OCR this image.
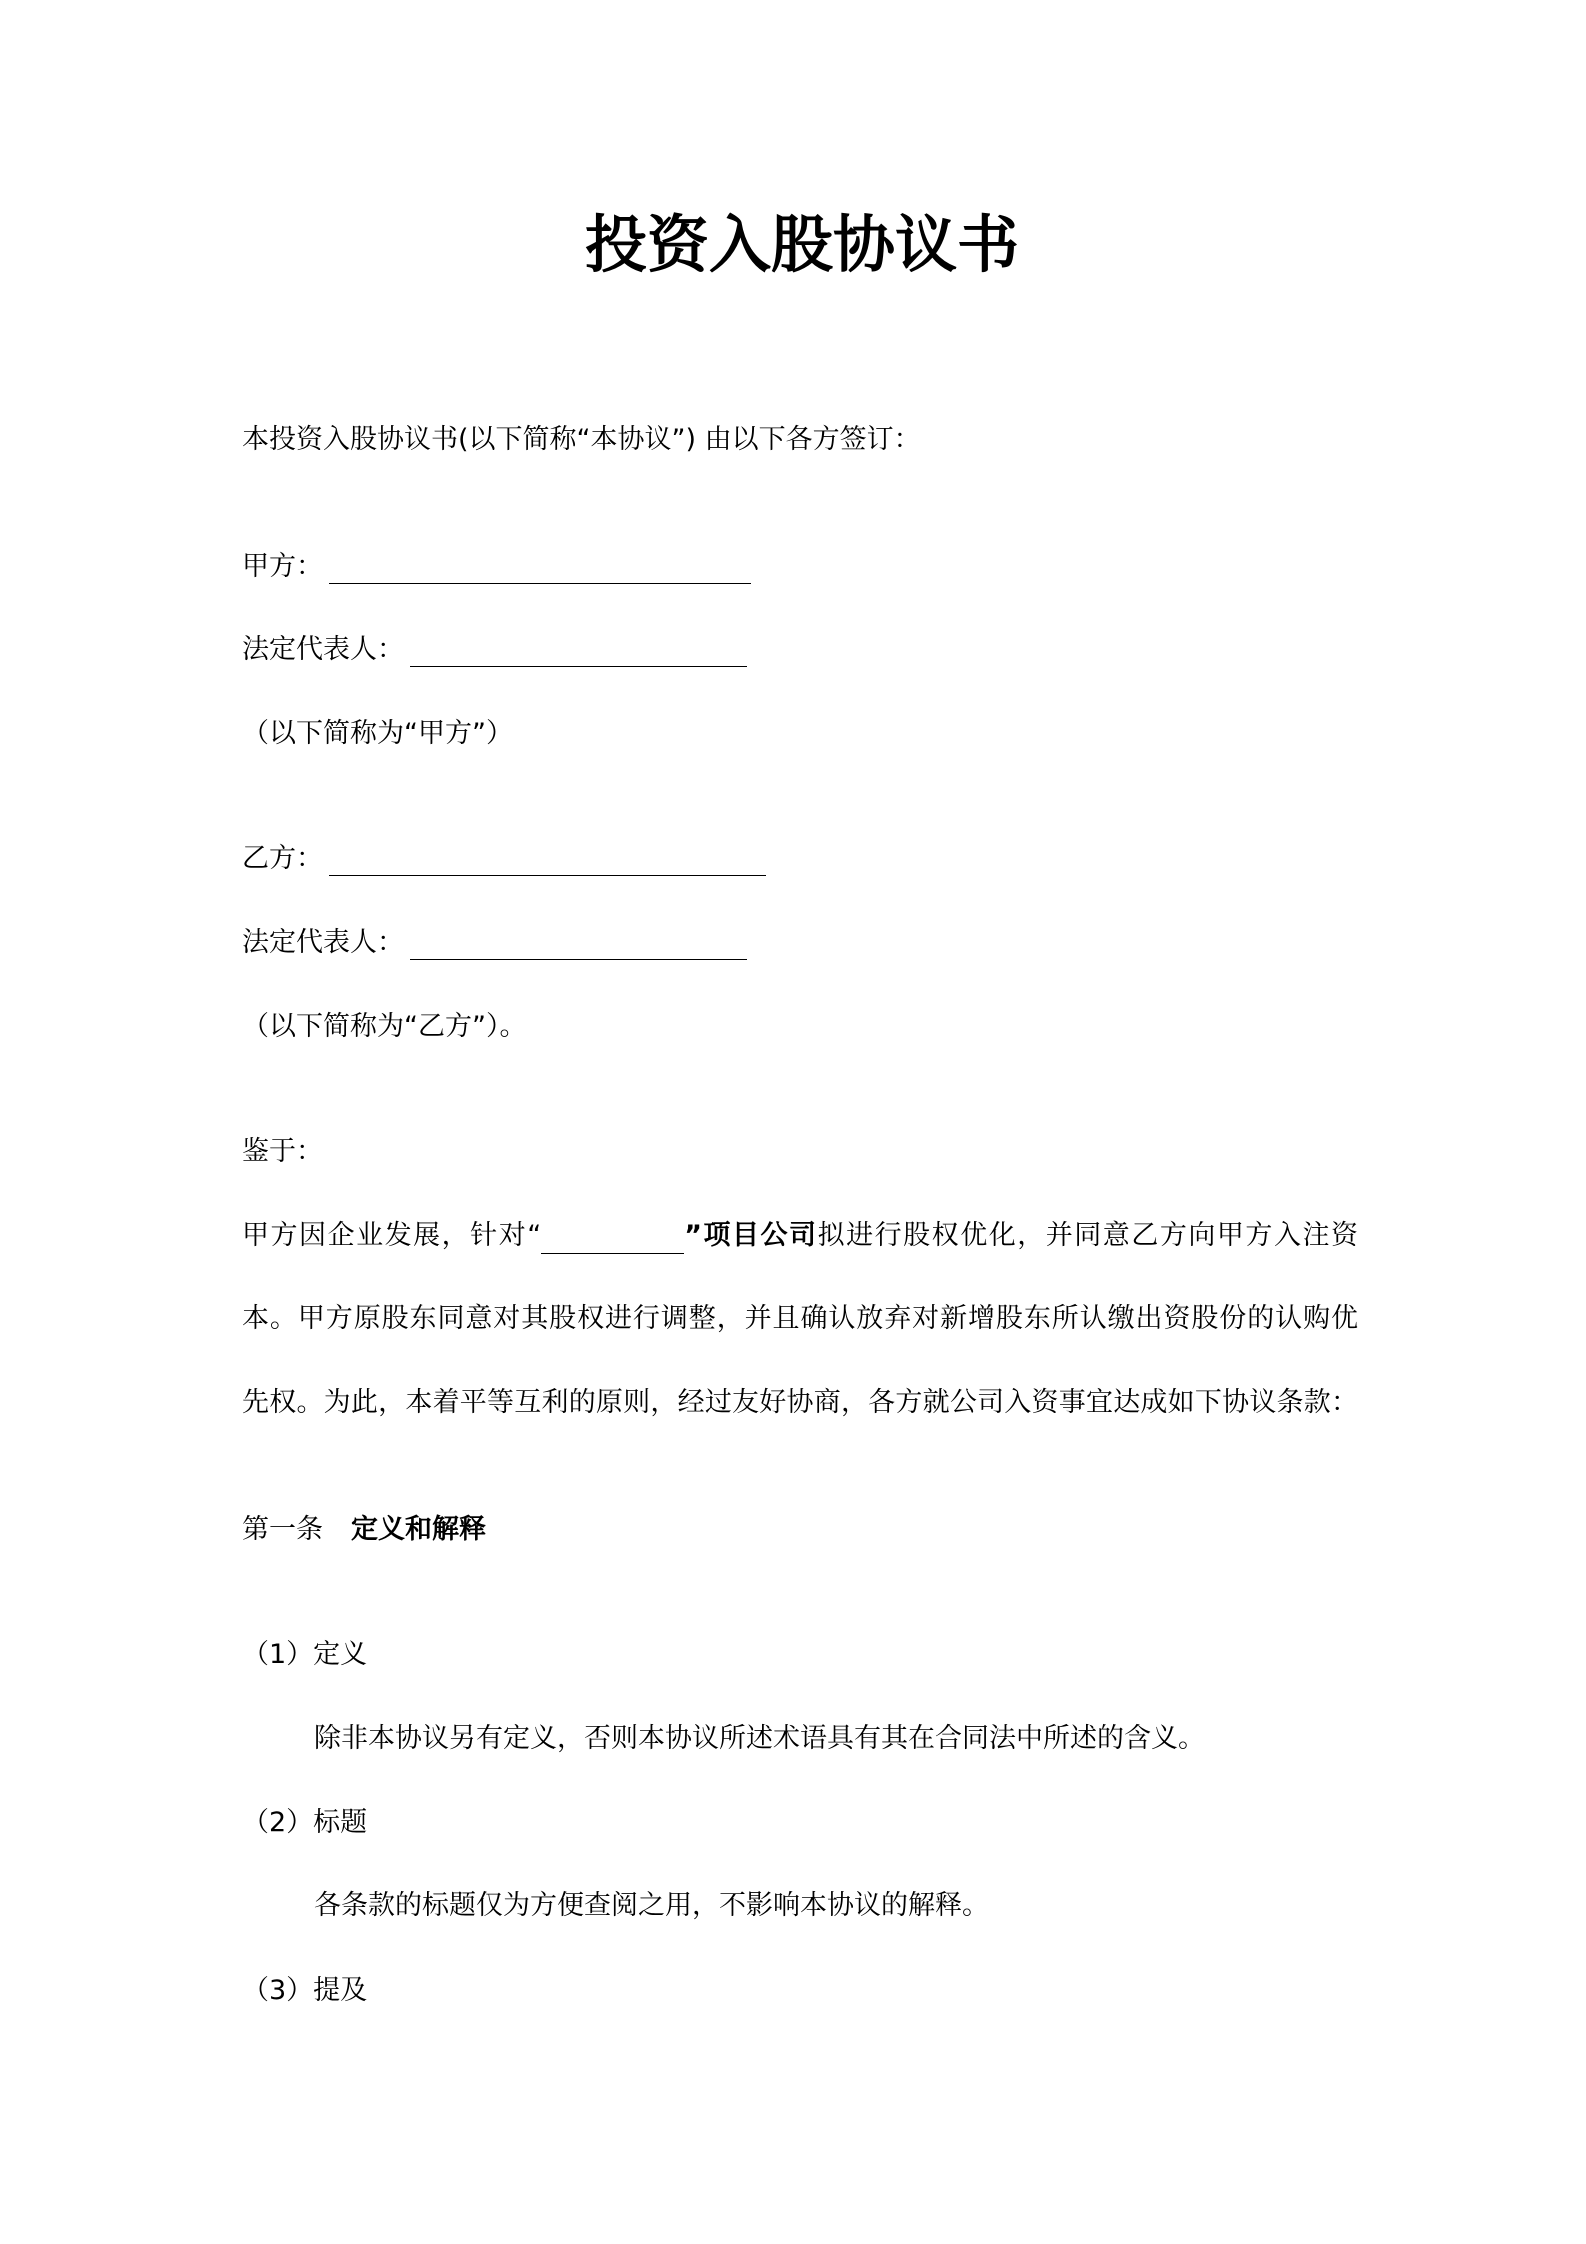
投资入股协议书
本投资入股协议书(以下简称“本协议”) 由以下各方签订：
甲方：
法定代表人：
（以下简称为“甲方”）
乙方：
法定代表人：
（以下简称为“乙方”）。
鉴于：
甲方因企业发展，针对“	”项目公司拟进行股权优化，并同意乙方向甲方入注资
本。甲方原股东同意对其股权进行调整，并且确认放弃对新增股东所认缴出资股份的认购优
先权。为此，本着平等互利的原则，经过友好协商，各方就公司入资事宜达成如下协议条款：
第一条 定义和解释
（1）定义
除非本协议另有定义，否则本协议所述术语具有其在合同法中所述的含义。
（2）标题
各条款的标题仅为方便查阅之用，不影响本协议的解释。
（3）提及
